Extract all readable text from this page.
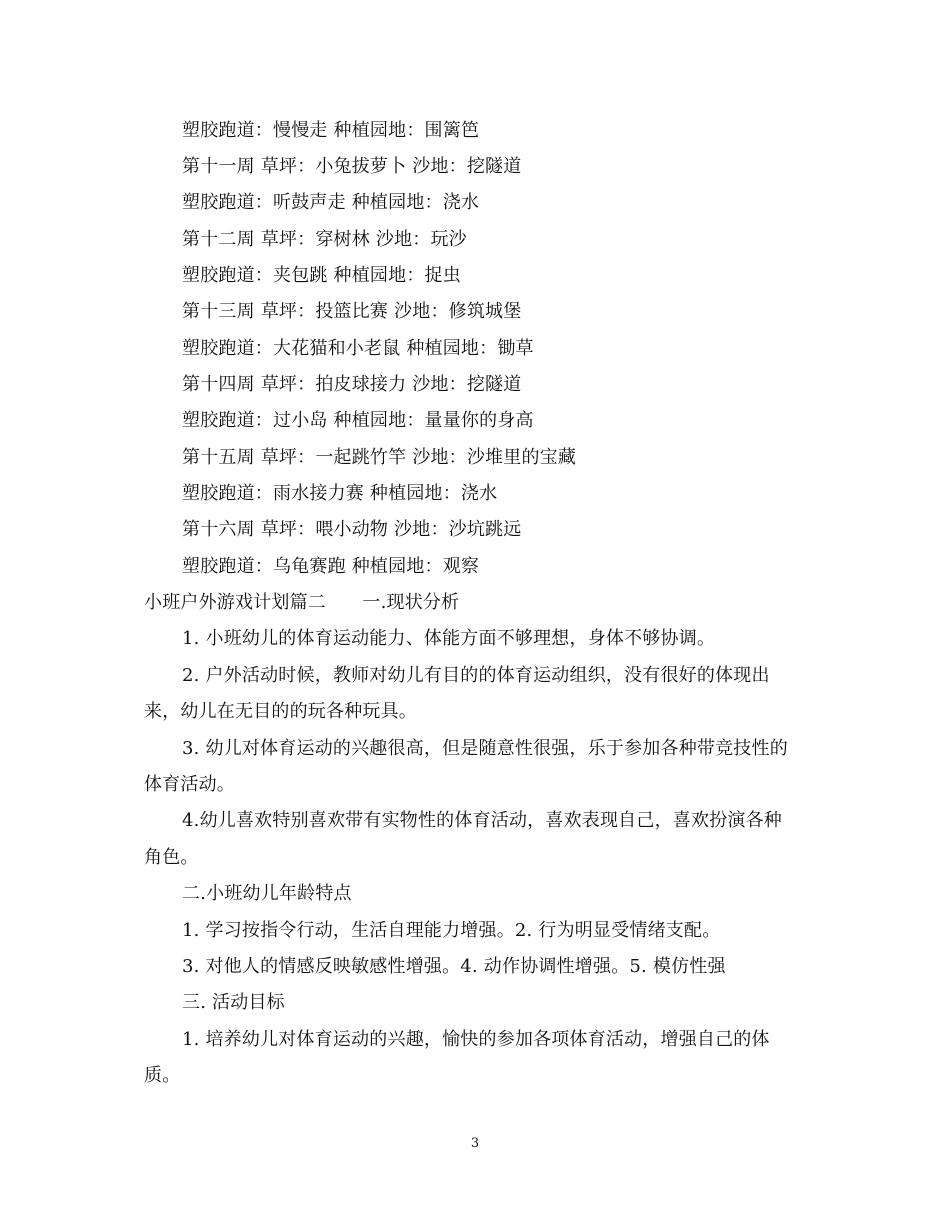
塑胶跑道：慢慢走 种植园地：围篱笆
第十一周 草坪：小兔拔萝卜 沙地：挖隧道
塑胶跑道：听鼓声走 种植园地：浇水
第十二周 草坪：穿树林 沙地：玩沙
塑胶跑道：夹包跳 种植园地：捉虫
第十三周 草坪：投篮比赛 沙地：修筑城堡
塑胶跑道：大花猫和小老鼠 种植园地：锄草
第十四周 草坪：拍皮球接力 沙地：挖隧道
塑胶跑道：过小岛 种植园地：量量你的身高
第十五周 草坪：一起跳竹竿 沙地：沙堆里的宝藏
塑胶跑道：雨水接力赛 种植园地：浇水
第十六周 草坪：喂小动物 沙地：沙坑跳远
塑胶跑道：乌龟赛跑 种植园地：观察
小班户外游戏计划篇二　　一.现状分析
1. 小班幼儿的体育运动能力、体能方面不够理想，身体不够协调。
2. 户外活动时候，教师对幼儿有目的的体育运动组织，没有很好的体现出
来，幼儿在无目的的玩各种玩具。
3. 幼儿对体育运动的兴趣很高，但是随意性很强，乐于参加各种带竞技性的
体育活动。
4.幼儿喜欢特别喜欢带有实物性的体育活动，喜欢表现自己，喜欢扮演各种
角色。
二.小班幼儿年龄特点
1. 学习按指令行动，生活自理能力增强。2. 行为明显受情绪支配。
3. 对他人的情感反映敏感性增强。4. 动作协调性增强。5. 模仿性强
三. 活动目标
1. 培养幼儿对体育运动的兴趣，愉快的参加各项体育活动，增强自己的体
质。
3
